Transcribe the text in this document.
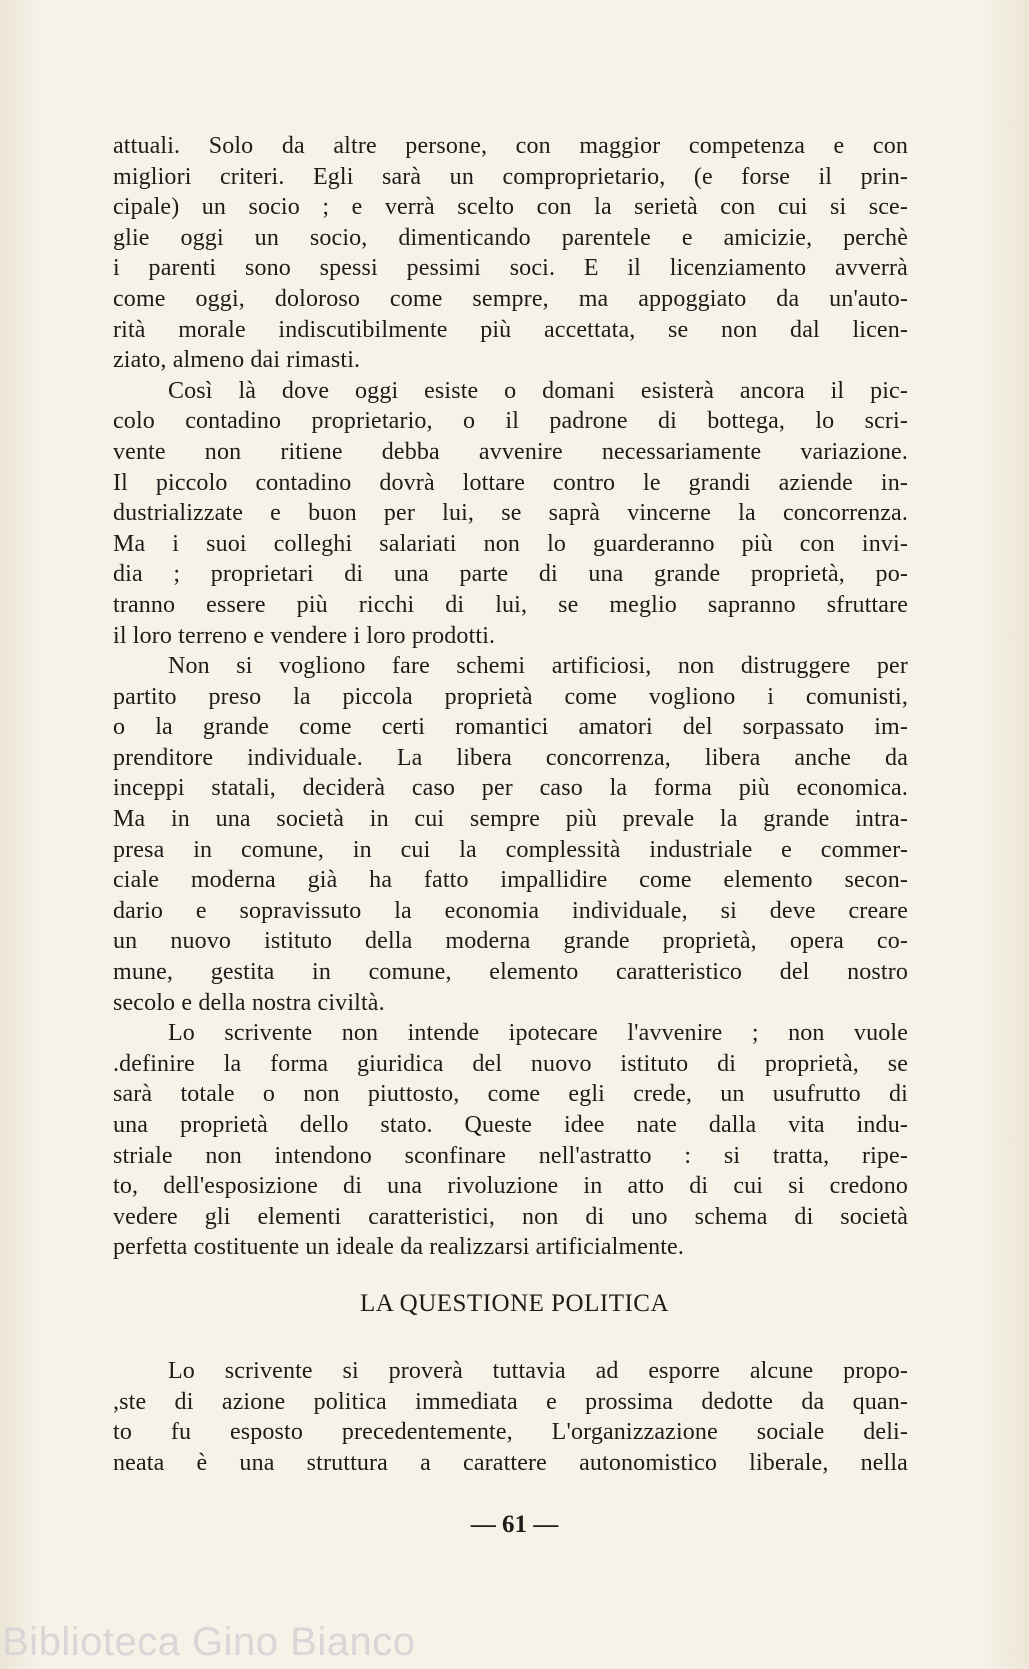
attuali. Solo da altre persone, con maggior competenza e con
migliori criteri. Egli sarà un comproprietario, (e forse il prin-
cipale) un socio ; e verrà scelto con la serietà con cui si sce-
glie oggi un socio, dimenticando parentele e amicizie, perchè
i parenti sono spessi pessimi soci. E il licenziamento avverrà
come oggi, doloroso come sempre, ma appoggiato da un'auto-
rità morale indiscutibilmente più accettata, se non dal licen-
ziato, almeno dai rimasti.
Così là dove oggi esiste o domani esisterà ancora il pic-
colo contadino proprietario, o il padrone di bottega, lo scri-
vente non ritiene debba avvenire necessariamente variazione.
Il piccolo contadino dovrà lottare contro le grandi aziende in-
dustrializzate e buon per lui, se saprà vincerne la concorrenza.
Ma i suoi colleghi salariati non lo guarderanno più con invi-
dia ; proprietari di una parte di una grande proprietà, po-
tranno essere più ricchi di lui, se meglio sapranno sfruttare
il loro terreno e vendere i loro prodotti.
Non si vogliono fare schemi artificiosi, non distruggere per
partito preso la piccola proprietà come vogliono i comunisti,
o la grande come certi romantici amatori del sorpassato im-
prenditore individuale. La libera concorrenza, libera anche da
inceppi statali, deciderà caso per caso la forma più economica.
Ma in una società in cui sempre più prevale la grande intra-
presa in comune, in cui la complessità industriale e commer-
ciale moderna già ha fatto impallidire come elemento secon-
dario e sopravissuto la economia individuale, si deve creare
un nuovo istituto della moderna grande proprietà, opera co-
mune, gestita in comune, elemento caratteristico del nostro
secolo e della nostra civiltà.
Lo scrivente non intende ipotecare l'avvenire ; non vuole
.definire la forma giuridica del nuovo istituto di proprietà, se
sarà totale o non piuttosto, come egli crede, un usufrutto di
una proprietà dello stato. Queste idee nate dalla vita indu-
striale non intendono sconfinare nell'astratto : si tratta, ripe-
to, dell'esposizione di una rivoluzione in atto di cui si credono
vedere gli elementi caratteristici, non di uno schema di società
perfetta costituente un ideale da realizzarsi artificialmente.
LA QUESTIONE POLITICA
Lo scrivente si proverà tuttavia ad esporre alcune propo-
,ste di azione politica immediata e prossima dedotte da quan-
to fu esposto precedentemente, L'organizzazione sociale deli-
neata è una struttura a carattere autonomistico liberale, nella
— 61 —
Biblioteca Gino Bianco
